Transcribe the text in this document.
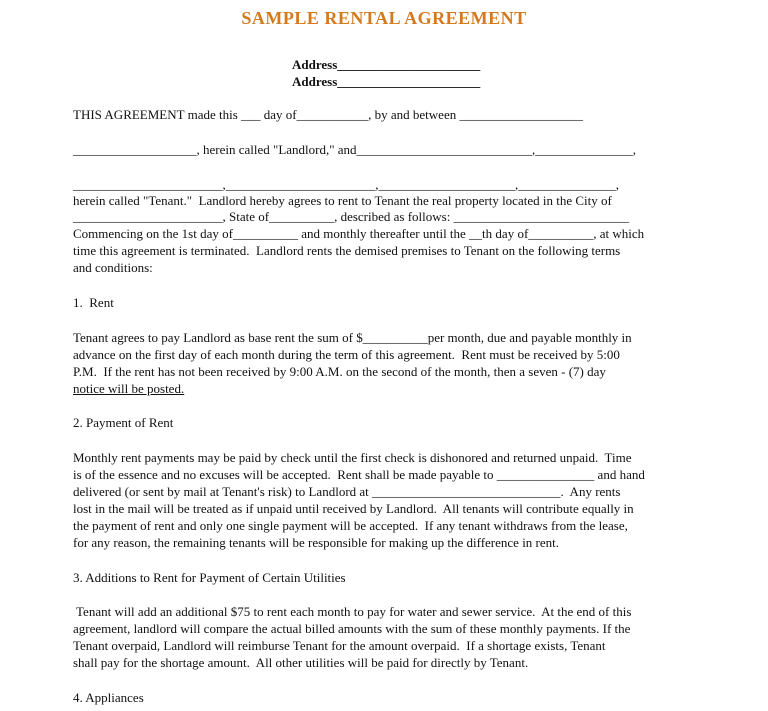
SAMPLE RENTAL AGREEMENT
Address______________________
Address______________________
THIS AGREEMENT made this ___ day of___________, by and between ___________________
___________________, herein called "Landlord," and___________________________,_______________,
_______________________,_______________________,_____________________,_______________,
herein called "Tenant."  Landlord hereby agrees to rent to Tenant the real property located in the City of
_______________________, State of__________, described as follows: ___________________________
Commencing on the 1st day of__________ and monthly thereafter until the __th day of__________, at which
time this agreement is terminated.  Landlord rents the demised premises to Tenant on the following terms
and conditions:
1.  Rent
Tenant agrees to pay Landlord as base rent the sum of $__________per month, due and payable monthly in
advance on the first day of each month during the term of this agreement.  Rent must be received by 5:00
P.M.  If the rent has not been received by 9:00 A.M. on the second of the month, then a seven - (7) day
notice will be posted.
2. Payment of Rent
Monthly rent payments may be paid by check until the first check is dishonored and returned unpaid.  Time
is of the essence and no excuses will be accepted.  Rent shall be made payable to _______________ and hand
delivered (or sent by mail at Tenant's risk) to Landlord at _____________________________.  Any rents
lost in the mail will be treated as if unpaid until received by Landlord.  All tenants will contribute equally in
the payment of rent and only one single payment will be accepted.  If any tenant withdraws from the lease,
for any reason, the remaining tenants will be responsible for making up the difference in rent.
3. Additions to Rent for Payment of Certain Utilities
Tenant will add an additional $75 to rent each month to pay for water and sewer service.  At the end of this
agreement, landlord will compare the actual billed amounts with the sum of these monthly payments. If the
Tenant overpaid, Landlord will reimburse Tenant for the amount overpaid.  If a shortage exists, Tenant
shall pay for the shortage amount.  All other utilities will be paid for directly by Tenant.
4. Appliances
